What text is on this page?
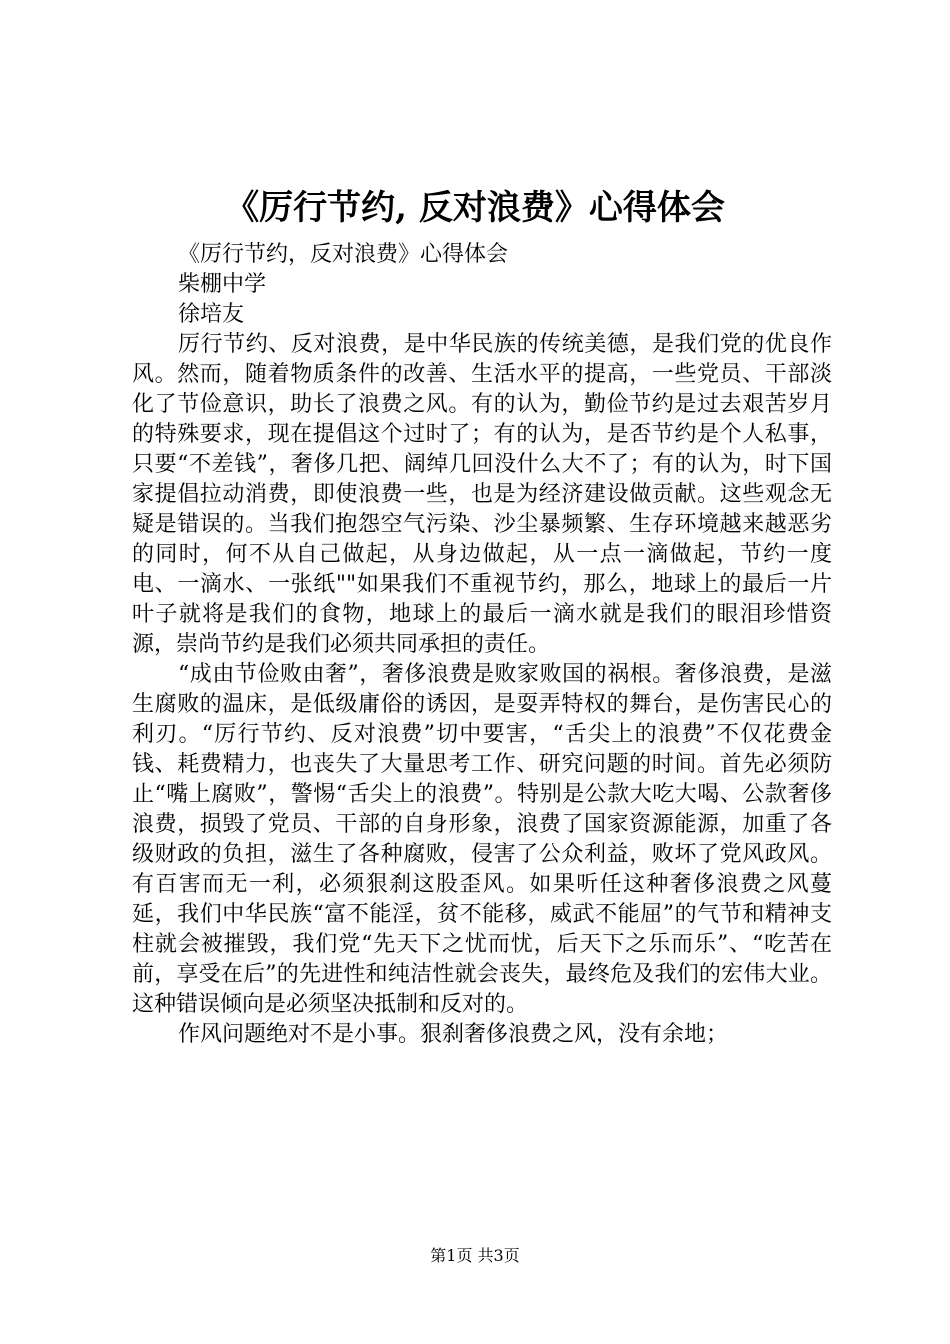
《厉行节约, 反对浪费》心得体会

《厉行节约，反对浪费》心得体会

柴棚中学

徐培友

厉行节约、反对浪费，是中华民族的传统美德，是我们党的优良作风。然而，随着物质条件的改善、生活水平的提高，一些党员、干部淡化了节俭意识，助长了浪费之风。有的认为，勤俭节约是过去艰苦岁月的特殊要求，现在提倡这个过时了；有的认为，是否节约是个人私事，只要“不差钱”，奢侈几把、阔绰几回没什么大不了；有的认为，时下国家提倡拉动消费，即使浪费一些，也是为经济建设做贡献。这些观念无疑是错误的。当我们抱怨空气污染、沙尘暴频繁、生存环境越来越恶劣的同时，何不从自己做起，从身边做起，从一点一滴做起，节约一度电、一滴水、一张纸""如果我们不重视节约，那么，地球上的最后一片叶子就将是我们的食物，地球上的最后一滴水就是我们的眼泪珍惜资源，崇尚节约是我们必须共同承担的责任。

“成由节俭败由奢”，奢侈浪费是败家败国的祸根。奢侈浪费，是滋生腐败的温床，是低级庸俗的诱因，是耍弄特权的舞台，是伤害民心的利刃。“厉行节约、反对浪费”切中要害，“舌尖上的浪费”不仅花费金钱、耗费精力，也丧失了大量思考工作、研究问题的时间。首先必须防止“嘴上腐败”，警惕“舌尖上的浪费”。特别是公款大吃大喝、公款奢侈浪费，损毁了党员、干部的自身形象，浪费了国家资源能源，加重了各级财政的负担，滋生了各种腐败，侵害了公众利益，败坏了党风政风。有百害而无一利，必须狠刹这股歪风。如果听任这种奢侈浪费之风蔓延，我们中华民族“富不能淫，贫不能移，威武不能屈”的气节和精神支柱就会被摧毁，我们党“先天下之忧而忧，后天下之乐而乐”、“吃苦在前，享受在后”的先进性和纯洁性就会丧失，最终危及我们的宏伟大业。这种错误倾向是必须坚决抵制和反对的。

作风问题绝对不是小事。狠刹奢侈浪费之风，没有余地；

第1页 共3页
